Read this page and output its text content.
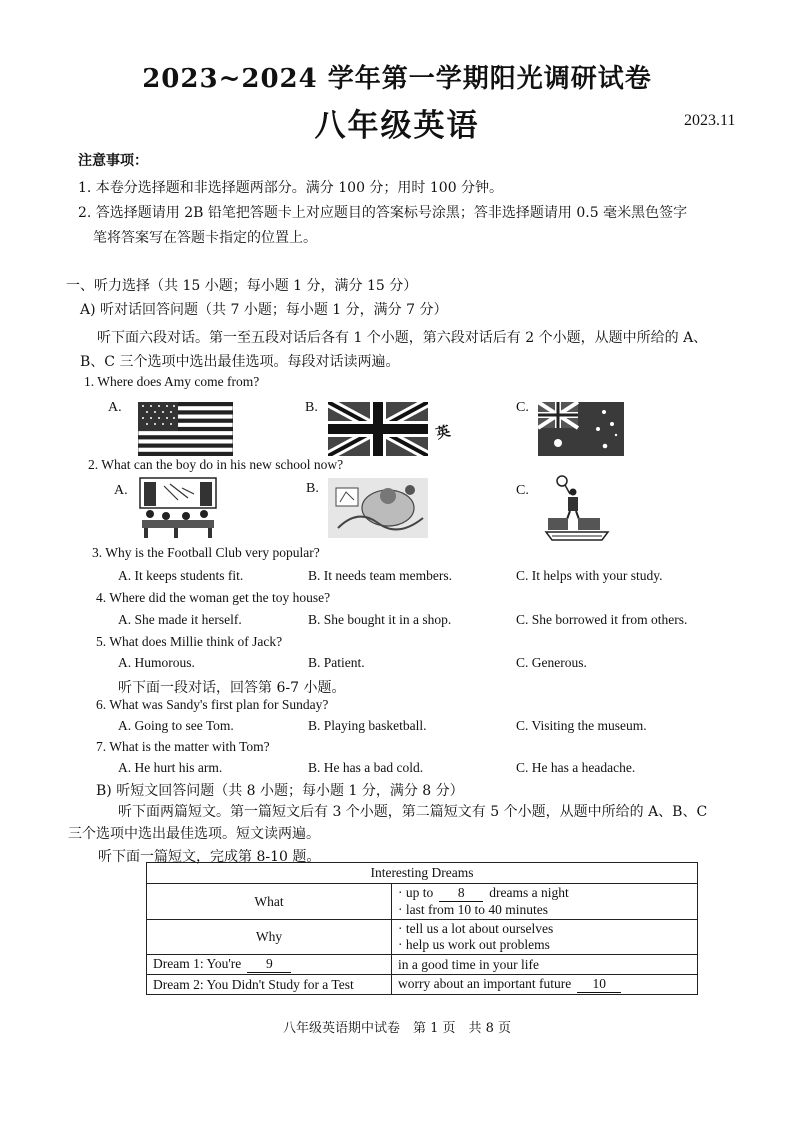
2023~2024 学年第一学期阳光调研试卷
八年级英语	2023.11
注意事项：
1. 本卷分选择题和非选择题两部分。满分 100 分；用时 100 分钟。
2. 答选择题请用 2B 铅笔把答题卡上对应题目的答案标号涂黑；答非选择题请用 0.5 毫米黑色签字
笔将答案写在答题卡指定的位置上。
一、听力选择（共 15 小题；每小题 1 分，满分 15 分）
A) 听对话回答问题（共 7 小题；每小题 1 分，满分 7 分）
听下面六段对话。第一至五段对话后各有 1 个小题，第六段对话后有 2 个小题，从题中所给的 A、
B、C 三个选项中选出最佳选项。每段对话读两遍。
1. Where does Amy come from?
A.	B.	C.
英
2. What can the boy do in his new school now?
A.	B.	C.
3. Why is the Football Club very popular?
A. It keeps students fit.	B. It needs team members.	C. It helps with your study.
4. Where did the woman get the toy house?
A. She made it herself.	B. She bought it in a shop.	C. She borrowed it from others.
5. What does Millie think of Jack?
A. Humorous.	B. Patient.	C. Generous.
听下面一段对话，回答第 6-7 小题。
6. What was Sandy's first plan for Sunday?
A. Going to see Tom.	B. Playing basketball.	C. Visiting the museum.
7. What is the matter with Tom?
A. He hurt his arm.	B. He has a bad cold.	C. He has a headache.
B) 听短文回答问题（共 8 小题；每小题 1 分，满分 8 分）
听下面两篇短文。第一篇短文后有 3 个小题，第二篇短文有 5 个小题，从题中所给的 A、B、C
三个选项中选出最佳选项。短文读两遍。
听下面一篇短文，完成第 8-10 题。
Interesting Dreams	
What	· up to 8 dreams a night
· last from 10 to 40 minutes

Why	· tell us a lot about ourselves
· help us work out problems

Dream 1: You're 9	in a good time in your life
Dream 2: You Didn't Study for a Test	worry about an important future 10
八年级英语期中试卷　第 1 页　共 8 页
